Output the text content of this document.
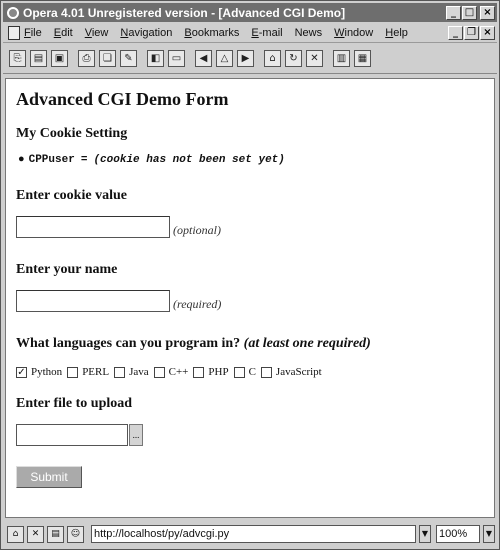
Opera 4.01 Unregistered version - [Advanced CGI Demo]	_ □ ×
File Edit View Navigation Bookmarks E-mail News Window Help	_ ❐ ×
⎘	▤	▣	⎙	❏	✎	◧	▭	◀	△	▶	⌂	↻	✕	▥	▦
Advanced CGI Demo Form
My Cookie Setting
● CPPuser = (cookie has not been set yet)
Enter cookie value
(optional)
Enter your name
(required)
What languages can you program in? (at least one required)
✓ Python PERL Java C++ PHP C JavaScript
Enter file to upload
...
Submit
⌂	✕	▤	☺	http://localhost/py/advcgi.py	▼ 100%	▼
